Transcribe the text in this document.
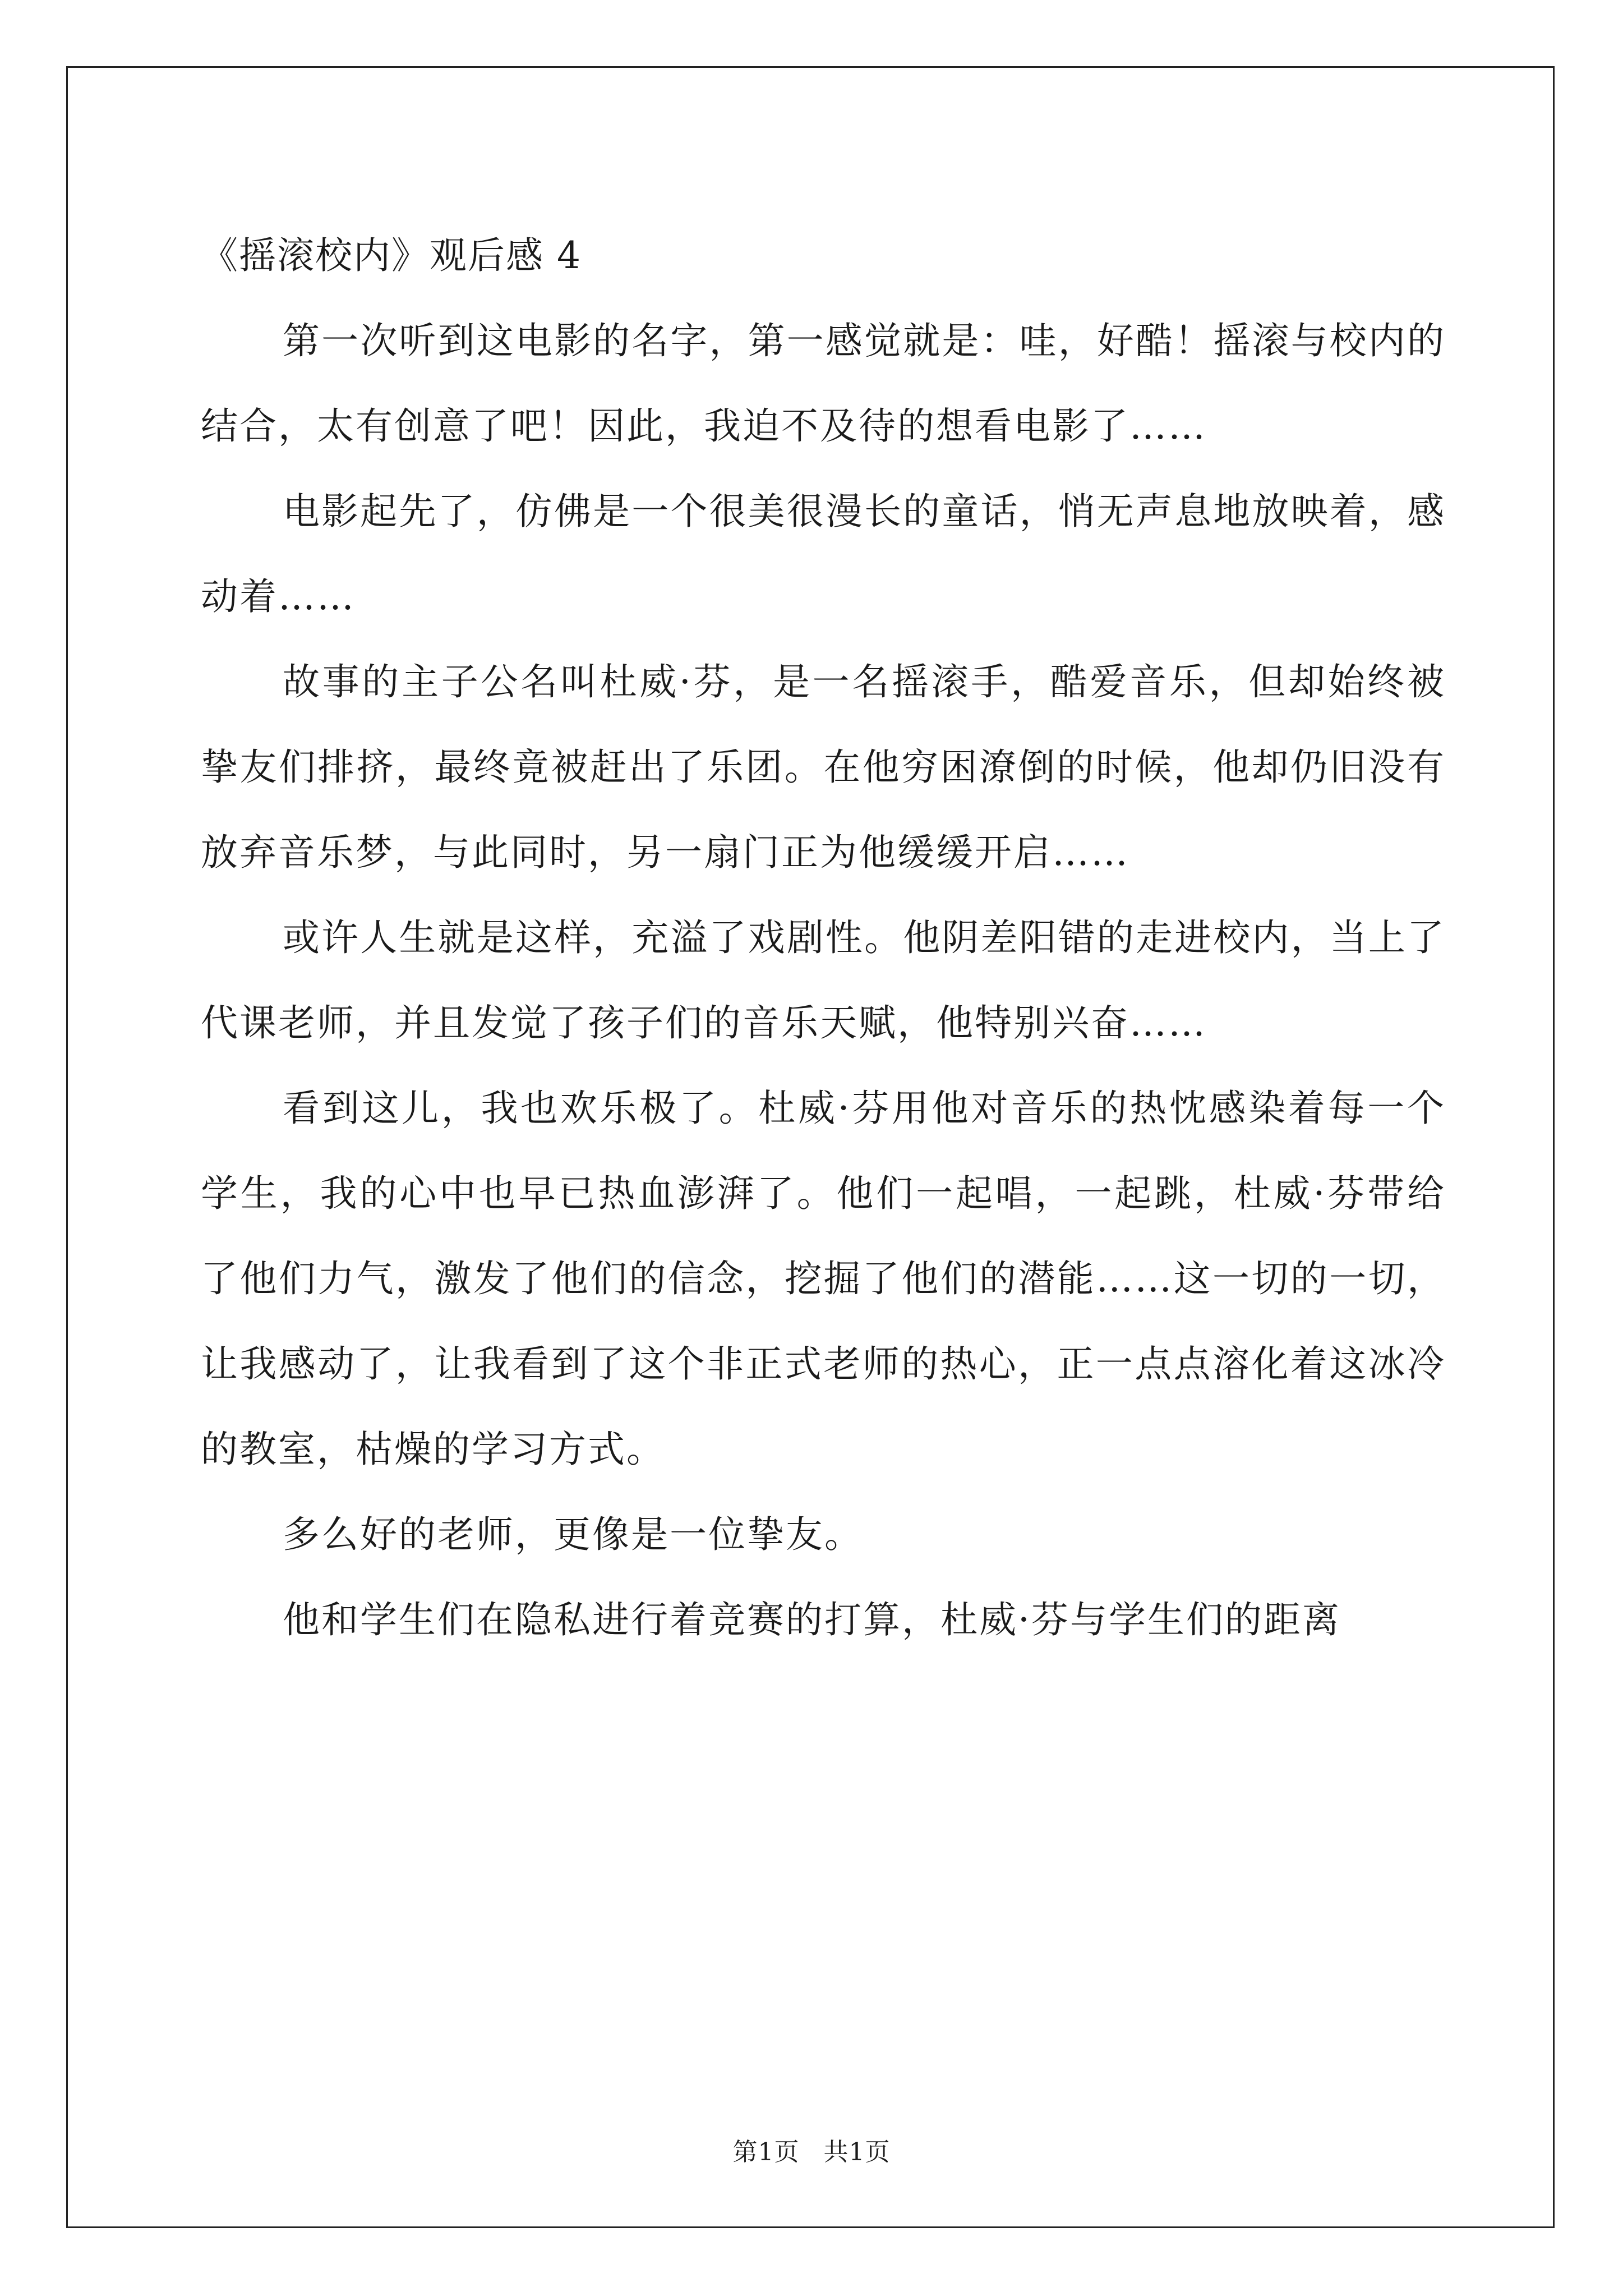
《摇滚校内》观后感 4

第一次听到这电影的名字，第一感觉就是：哇，好酷！摇滚与校内的结合，太有创意了吧！因此，我迫不及待的想看电影了……

电影起先了，仿佛是一个很美很漫长的童话，悄无声息地放映着，感动着……

故事的主子公名叫杜威·芬，是一名摇滚手，酷爱音乐，但却始终被挚友们排挤，最终竟被赶出了乐团。在他穷困潦倒的时候，他却仍旧没有放弃音乐梦，与此同时，另一扇门正为他缓缓开启……

或许人生就是这样，充溢了戏剧性。他阴差阳错的走进校内，当上了代课老师，并且发觉了孩子们的音乐天赋，他特别兴奋……

看到这儿，我也欢乐极了。杜威·芬用他对音乐的热忱感染着每一个学生，我的心中也早已热血澎湃了。他们一起唱，一起跳，杜威·芬带给了他们力气，激发了他们的信念，挖掘了他们的潜能……这一切的一切，让我感动了，让我看到了这个非正式老师的热心，正一点点溶化着这冰冷的教室，枯燥的学习方式。

多么好的老师，更像是一位挚友。

他和学生们在隐私进行着竞赛的打算，杜威·芬与学生们的距离

第1页 共1页
